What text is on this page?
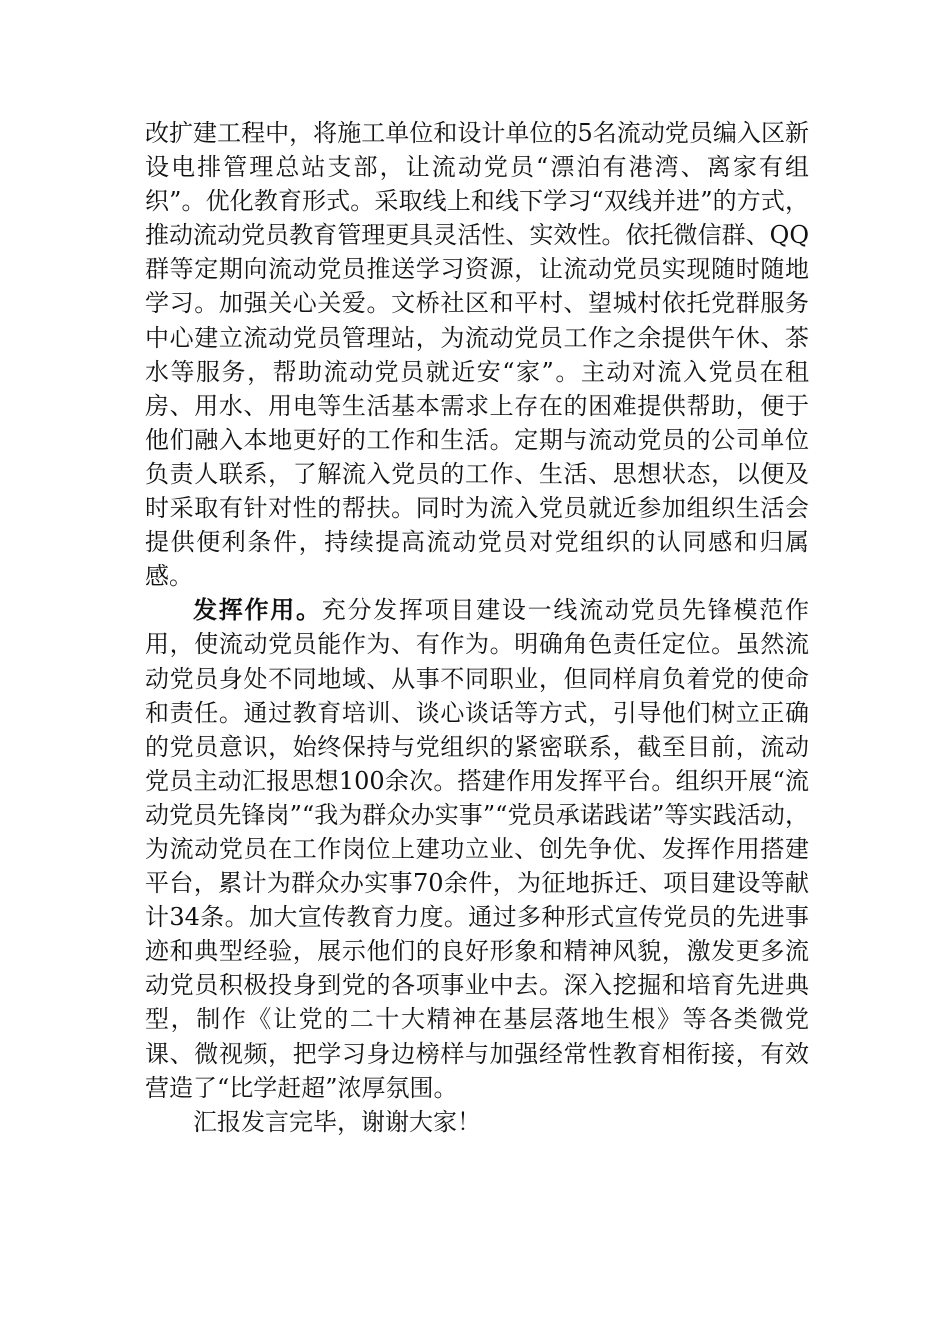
改扩建工程中，将施工单位和设计单位的5名流动党员编入区新设电排管理总站支部，让流动党员“漂泊有港湾、离家有组织”。优化教育形式。采取线上和线下学习“双线并进”的方式，推动流动党员教育管理更具灵活性、实效性。依托微信群、QQ群等定期向流动党员推送学习资源，让流动党员实现随时随地学习。加强关心关爱。文桥社区和平村、望城村依托党群服务中心建立流动党员管理站，为流动党员工作之余提供午休、茶水等服务，帮助流动党员就近安“家”。主动对流入党员在租房、用水、用电等生活基本需求上存在的困难提供帮助，便于他们融入本地更好的工作和生活。定期与流动党员的公司单位负责人联系，了解流入党员的工作、生活、思想状态，以便及时采取有针对性的帮扶。同时为流入党员就近参加组织生活会提供便利条件，持续提高流动党员对党组织的认同感和归属感。

发挥作用。充分发挥项目建设一线流动党员先锋模范作用，使流动党员能作为、有作为。明确角色责任定位。虽然流动党员身处不同地域、从事不同职业，但同样肩负着党的使命和责任。通过教育培训、谈心谈话等方式，引导他们树立正确的党员意识，始终保持与党组织的紧密联系，截至目前，流动党员主动汇报思想100余次。搭建作用发挥平台。组织开展“流动党员先锋岗”“我为群众办实事”“党员承诺践诺”等实践活动，为流动党员在工作岗位上建功立业、创先争优、发挥作用搭建平台，累计为群众办实事70余件，为征地拆迁、项目建设等献计34条。加大宣传教育力度。通过多种形式宣传党员的先进事迹和典型经验，展示他们的良好形象和精神风貌，激发更多流动党员积极投身到党的各项事业中去。深入挖掘和培育先进典型，制作《让党的二十大精神在基层落地生根》等各类微党课、微视频，把学习身边榜样与加强经常性教育相衔接，有效营造了“比学赶超”浓厚氛围。

汇报发言完毕，谢谢大家！
